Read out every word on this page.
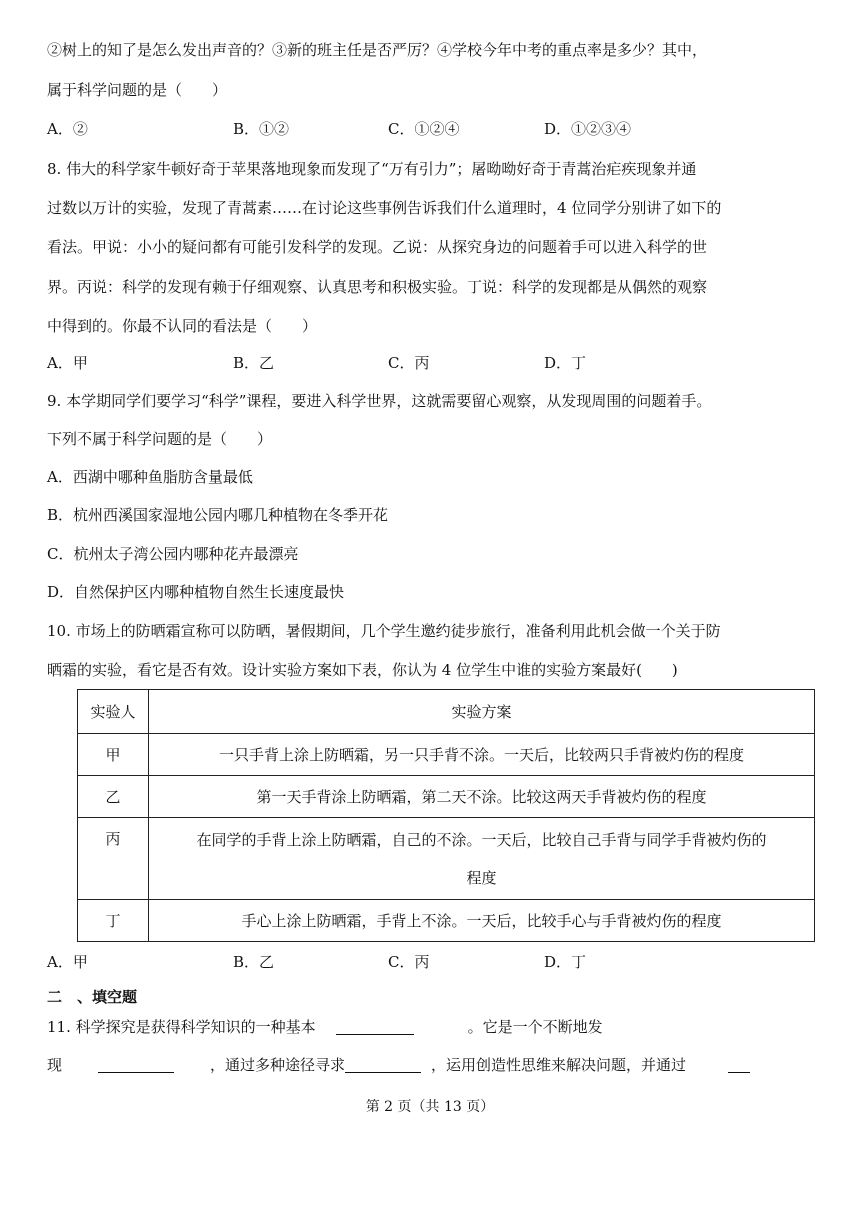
②树上的知了是怎么发出声音的？③新的班主任是否严厉？④学校今年中考的重点率是多少？其中，
属于科学问题的是（　　）
A．②	B．①②	C．①②④	D．①②③④
8. 伟大的科学家牛顿好奇于苹果落地现象而发现了“万有引力”；屠呦呦好奇于青蒿治疟疾现象并通
过数以万计的实验，发现了青蒿素……在讨论这些事例告诉我们什么道理时，4 位同学分别讲了如下的
看法。甲说：小小的疑问都有可能引发科学的发现。乙说：从探究身边的问题着手可以进入科学的世
界。丙说：科学的发现有赖于仔细观察、认真思考和积极实验。丁说：科学的发现都是从偶然的观察
中得到的。你最不认同的看法是（　　）
A．甲	B．乙	C．丙	D．丁
9. 本学期同学们要学习“科学”课程，要进入科学世界，这就需要留心观察，从发现周围的问题着手。
下列不属于科学问题的是（　　）
A．西湖中哪种鱼脂肪含量最低
B．杭州西溪国家湿地公园内哪几种植物在冬季开花
C．杭州太子湾公园内哪种花卉最漂亮
D．自然保护区内哪种植物自然生长速度最快
10. 市场上的防晒霜宣称可以防晒，暑假期间，几个学生邀约徒步旅行，准备利用此机会做一个关于防
晒霜的实验，看它是否有效。设计实验方案如下表，你认为 4 位学生中谁的实验方案最好(　　)
实验人	实验方案
甲	一只手背上涂上防晒霜，另一只手背不涂。一天后，比较两只手背被灼伤的程度
乙	第一天手背涂上防晒霜，第二天不涂。比较这两天手背被灼伤的程度
丙	在同学的手背上涂上防晒霜，自己的不涂。一天后，比较自己手背与同学手背被灼伤的
程度

丁	手心上涂上防晒霜，手背上不涂。一天后，比较手心与手背被灼伤的程度
A．甲	B．乙	C．丙	D．丁
二　、填空题
11. 科学探究是获得科学知识的一种基本	。它是一个不断地发
现	，通过多种途径寻求	，运用创造性思维来解决问题，并通过
第 2 页（共 13 页）
